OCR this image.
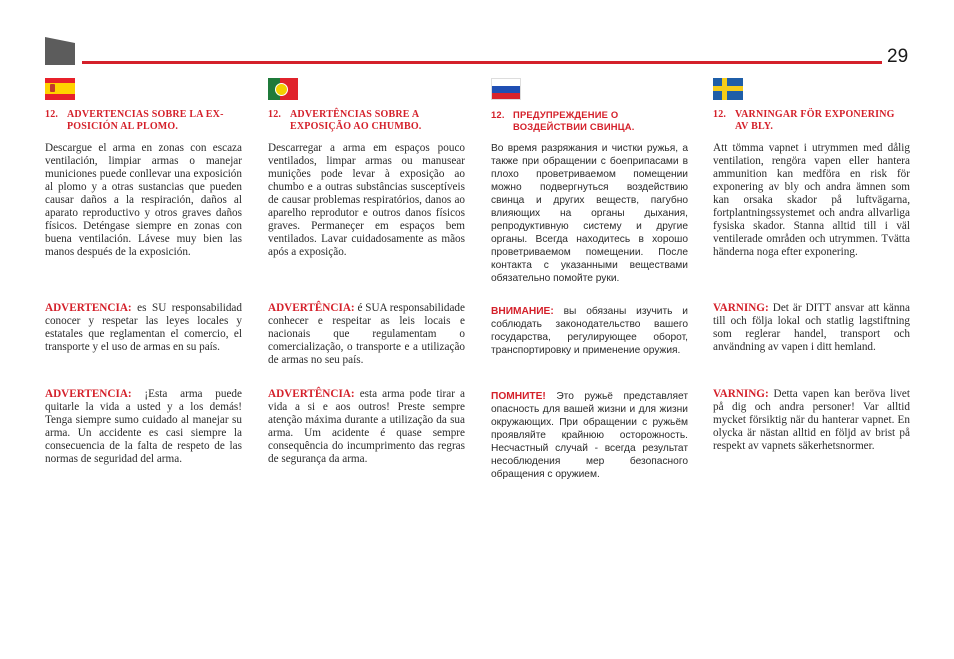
29
12. ADVERTENCIAS SOBRE LA EX-POSICIÓN AL PLOMO.

Descargue el arma en zonas con escaza ventilación, limpiar armas o manejar municiones puede conllevar una exposición al plomo y a otras sustancias que pueden causar daños a la respiración, daños al aparato reproductivo y otros graves daños físicos. Deténgase siempre en zonas con buena ventilación. Lávese muy bien las manos después de la exposición.

ADVERTENCIA: es SU responsabilidad conocer y respetar las leyes locales y estatales que reglamentan el comercio, el transporte y el uso de armas en su país.

ADVERTENCIA: ¡Esta arma puede quitarle la vida a usted y a los demás! Tenga siempre sumo cuidado al manejar su arma. Un accidente es casi siempre la consecuencia de la falta de respeto de las normas de seguridad del arma.

12. ADVERTÊNCIAS SOBRE A EXPOSIÇÃO AO CHUMBO.

Descarregar a arma em espaços pouco ventilados, limpar armas ou manusear munições pode levar à exposição ao chumbo e a outras substâncias susceptíveis de causar problemas respiratórios, danos ao aparelho reprodutor e outros danos físicos graves. Permaneçer em espaços bem ventilados. Lavar cuidadosamente as mãos após a exposição.

ADVERTÊNCIA: é SUA responsabilidade conhecer e respeitar as leis locais e nacionais que regulamentam o comercialização, o transporte e a utilização de armas no seu país.

ADVERTÊNCIA: esta arma pode tirar a vida a si e aos outros! Preste sempre atenção máxima durante a utilização da sua arma. Um acidente é quase sempre consequência do incumprimento das regras de segurança da arma.

12. ПРЕДУПРЕЖДЕНИЕ О ВОЗДЕЙСТВИИ СВИНЦА.

Во время разряжания и чистки ружья, а также при обращении с боеприпасами в плохо проветриваемом помещении можно подвергнуться воздействию свинца и других веществ, пагубно влияющих на органы дыхания, репродуктивную систему и другие органы. Всегда находитесь в хорошо проветриваемом помещении. После контакта с указанными веществами обязательно помойте руки.

ВНИМАНИЕ: вы обязаны изучить и соблюдать законодательство вашего государства, регулирующее оборот, транспортировку и применение оружия.

ПОМНИТЕ! Это ружьё представляет опасность для вашей жизни и для жизни окружающих. При обращении с ружьём проявляйте крайнюю осторожность. Несчастный случай - всегда результат несоблюдения мер безопасного обращения с оружием.

12. VARNINGAR FÖR EXPONERING AV BLY.

Att tömma vapnet i utrymmen med dålig ventilation, rengöra vapen eller hantera ammunition kan medföra en risk för exponering av bly och andra ämnen som kan orsaka skador på luftvägarna, fortplantningssystemet och andra allvarliga fysiska skador. Stanna alltid till i väl ventilerade områden och utrymmen. Tvätta händerna noga efter exponering.

VARNING: Det är DITT ansvar att känna till och följa lokal och statlig lagstiftning som reglerar handel, transport och användning av vapen i ditt hemland.

VARNING: Detta vapen kan beröva livet på dig och andra personer! Var alltid mycket försiktig när du hanterar vapnet. En olycka är nästan alltid en följd av brist på respekt av vapnets säkerhetsnormer.
